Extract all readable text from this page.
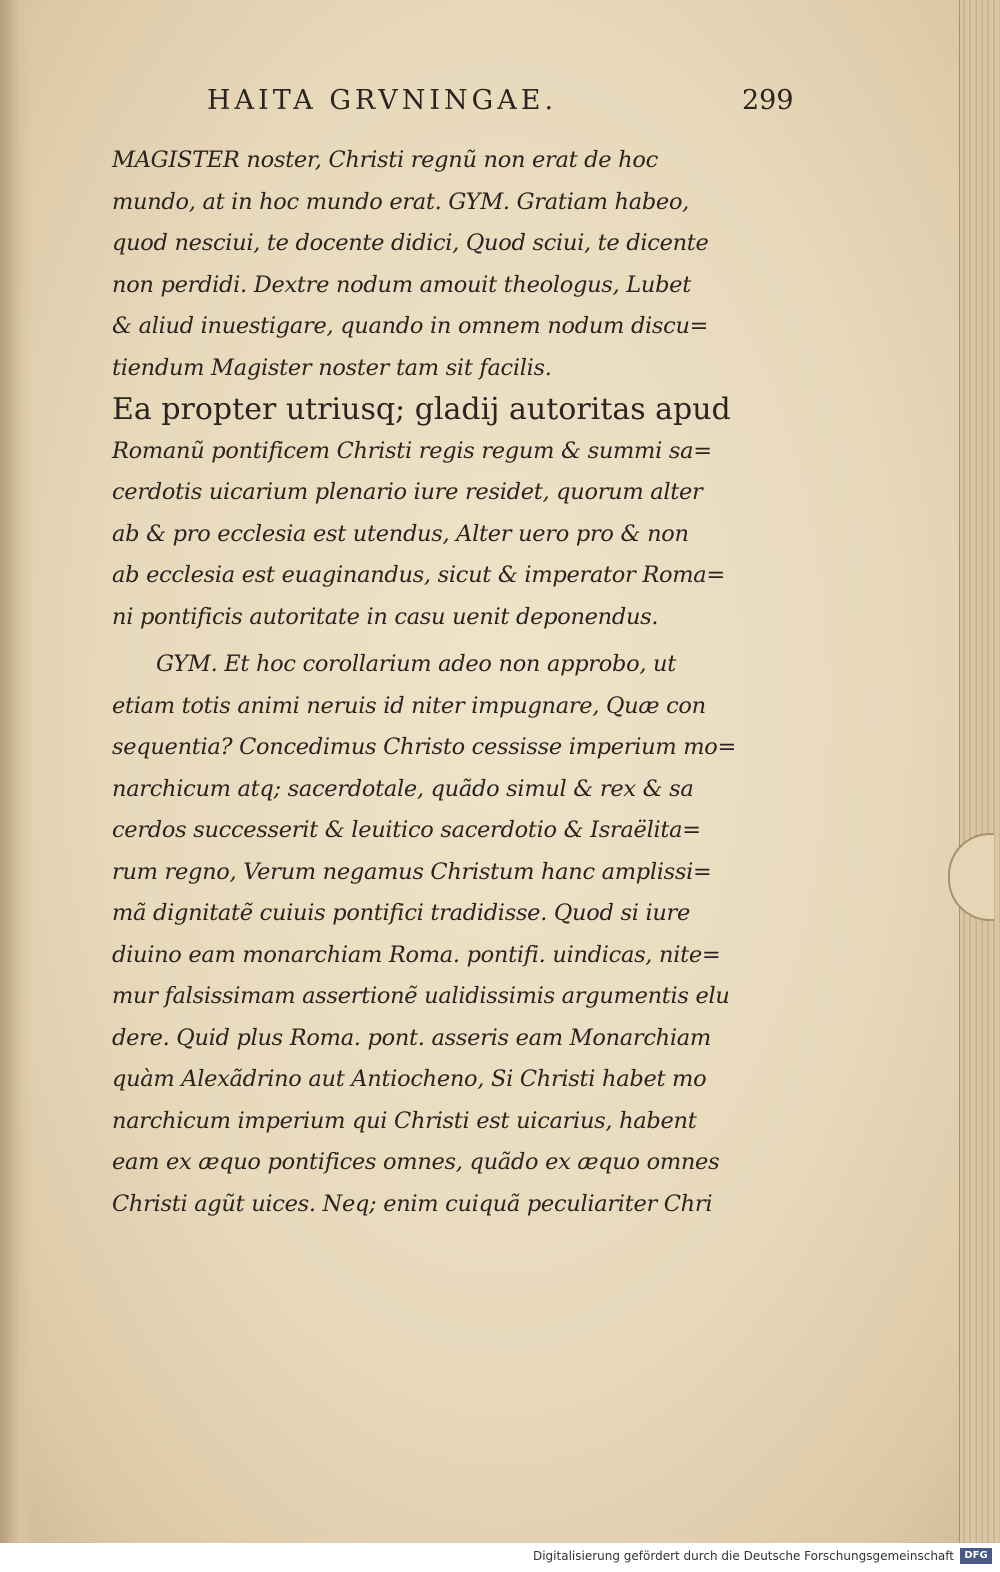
HAITA GRVNINGAE.	299
MAGISTER noster, Christi regnũ non erat de hoc
mundo, at in hoc mundo erat. GYM. Gratiam habeo,
quod nesciui, te docente didici, Quod sciui, te dicente
non perdidi. Dextre nodum amouit theologus, Lubet
& aliud inuestigare, quando in omnem nodum discu=
tiendum Magister noster tam sit facilis.
Ea propter utriusq; gladij autoritas apud
Romanũ pontificem Christi regis regum & summi sa=
cerdotis uicarium plenario iure residet, quorum alter
ab & pro ecclesia est utendus, Alter uero pro & non
ab ecclesia est euaginandus, sicut & imperator Roma=
ni pontificis autoritate in casu uenit deponendus.
GYM. Et hoc corollarium adeo non approbo, ut
etiam totis animi neruis id niter impugnare, Quæ con
sequentia? Concedimus Christo cessisse imperium mo=
narchicum atq; sacerdotale, quãdo simul & rex & sa
cerdos successerit & leuitico sacerdotio & Israëlita=
rum regno, Verum negamus Christum hanc amplissi=
mã dignitatẽ cuiuis pontifici tradidisse. Quod si iure
diuino eam monarchiam Roma. pontifi. uindicas, nite=
mur falsissimam assertionẽ ualidissimis argumentis elu
dere. Quid plus Roma. pont. asseris eam Monarchiam
quàm Alexãdrino aut Antiocheno, Si Christi habet mo
narchicum imperium qui Christi est uicarius, habent
eam ex æquo pontifices omnes, quãdo ex æquo omnes
Christi agũt uices. Neq; enim cuiquã peculiariter Chri
Digitalisierung gefördert durch die Deutsche Forschungsgemeinschaft	DFG
